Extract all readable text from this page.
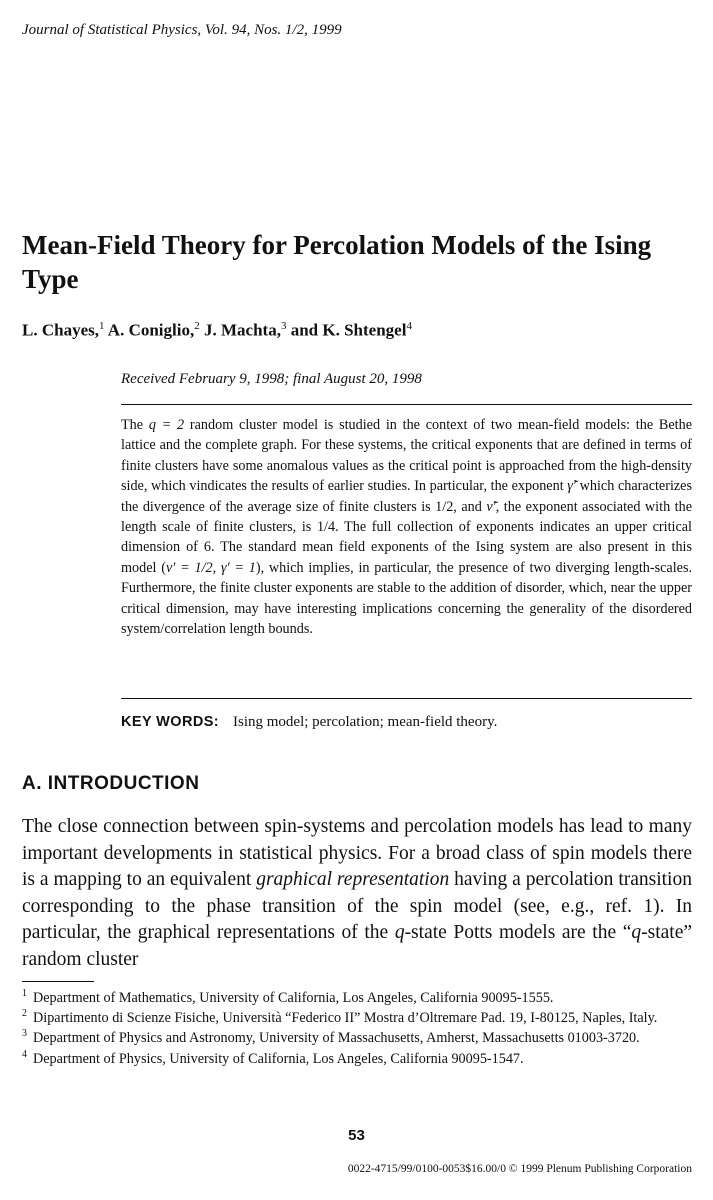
Journal of Statistical Physics, Vol. 94, Nos. 1/2, 1999
Mean-Field Theory for Percolation Models of the Ising Type
L. Chayes,$^1$ A. Coniglio,$^2$ J. Machta,$^3$ and K. Shtengel$^4$
Received February 9, 1998; final August 20, 1998

The q = 2 random cluster model is studied in the context of two mean-field models: the Bethe lattice and the complete graph. For these systems, the critical exponents that are defined in terms of finite clusters have some anomalous values as the critical point is approached from the high-density side, which vindicates the results of earlier studies. In particular, the exponent γ̃′ which characterizes the divergence of the average size of finite clusters is 1/2, and ν̃′, the exponent associated with the length scale of finite clusters, is 1/4. The full collection of exponents indicates an upper critical dimension of 6. The standard mean field exponents of the Ising system are also present in this model (ν′ = 1/2, γ′ = 1), which implies, in particular, the presence of two diverging length-scales. Furthermore, the finite cluster exponents are stable to the addition of disorder, which, near the upper critical dimension, may have interesting implications concerning the generality of the disordered system/correlation length bounds.

KEY WORDS: Ising model; percolation; mean-field theory.
A. INTRODUCTION

The close connection between spin-systems and percolation models has lead to many important developments in statistical physics. For a broad class of spin models there is a mapping to an equivalent graphical representation having a percolation transition corresponding to the phase transition of the spin model (see, e.g., ref. 1). In particular, the graphical representations of the q-state Potts models are the “q-state” random cluster

1 Department of Mathematics, University of California, Los Angeles, California 90095-1555.
2 Dipartimento di Scienze Fisiche, Università “Federico II” Mostra d’Oltremare Pad. 19, I-80125, Naples, Italy.
3 Department of Physics and Astronomy, University of Massachusetts, Amherst, Massachusetts 01003-3720.
4 Department of Physics, University of California, Los Angeles, California 90095-1547.
53
0022-4715/99/0100-0053$16.00/0 © 1999 Plenum Publishing Corporation
